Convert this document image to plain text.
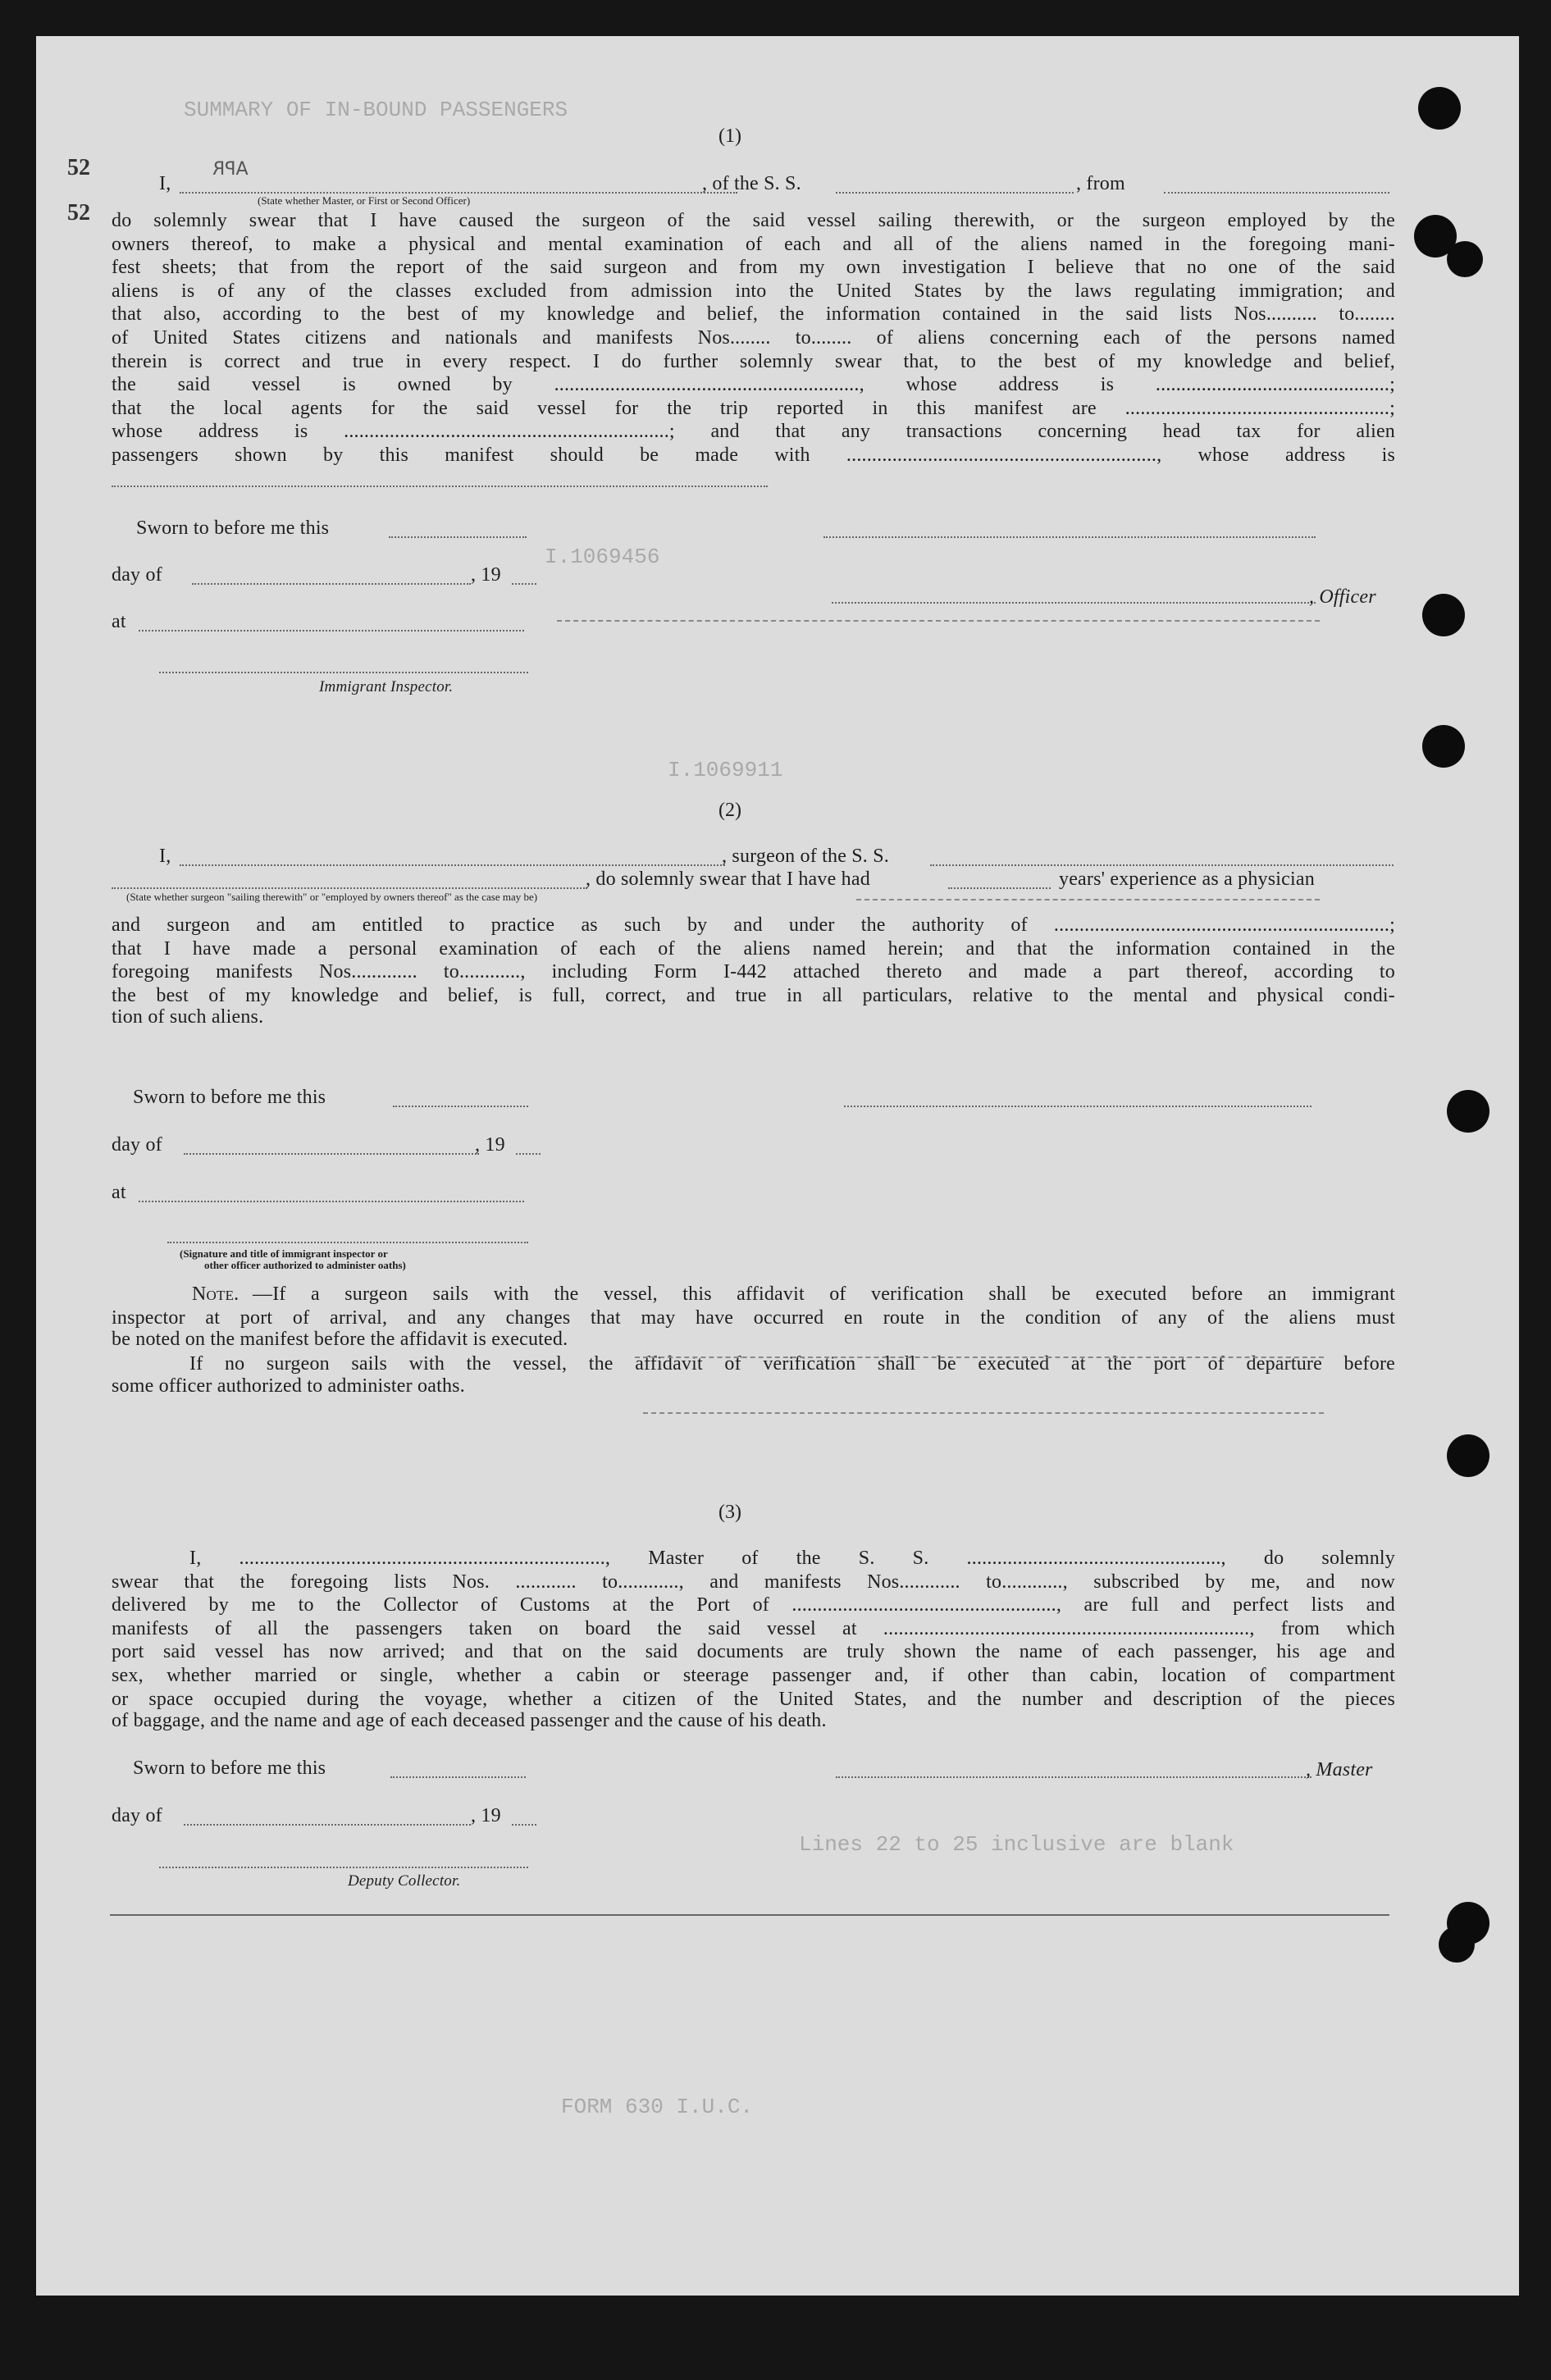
52
52
APR
SUMMARY OF IN-BOUND PASSENGERS
I.1069456
I.1069911
Lines 22 to 25 inclusive are blank
FORM 630 I.U.C.
(1)
I,	, of the S. S.	, from
(State whether Master, or First or Second Officer)
do solemnly swear that I have caused the surgeon of the said vessel sailing therewith, or the surgeon employed by the
owners thereof, to make a physical and mental examination of each and all of the aliens named in the foregoing mani-
fest sheets; that from the report of the said surgeon and from my own investigation I believe that no one of the said
aliens is of any of the classes excluded from admission into the United States by the laws regulating immigration; and
that also, according to the best of my knowledge and belief, the information contained in the said lists Nos.......... to........
of United States citizens and nationals and manifests Nos........ to........ of aliens concerning each of the persons named
therein is correct and true in every respect. I do further solemnly swear that, to the best of my knowledge and belief,
the said vessel is owned by ............................................................, whose address is ..............................................;
that the local agents for the said vessel for the trip reported in this manifest are ....................................................;
whose address is ................................................................; and that any transactions concerning head tax for alien
passengers shown by this manifest should be made with ............................................................., whose address is
Sworn to before me this
day of	, 19
, Officer
at
Immigrant Inspector.
(2)
I,	, surgeon of the S. S.
, do solemnly swear that I have had	years' experience as a physician
(State whether surgeon "sailing therewith" or "employed by owners thereof" as the case may be)
and surgeon and am entitled to practice as such by and under the authority of ..................................................................;
that I have made a personal examination of each of the aliens named herein; and that the information contained in the
foregoing manifests Nos............. to............, including Form I-442 attached thereto and made a part thereof, according to
the best of my knowledge and belief, is full, correct, and true in all particulars, relative to the mental and physical condi-
tion of such aliens.
Sworn to before me this
day of	, 19
at
(Signature and title of immigrant inspector or
other officer authorized to administer oaths)
Note. —If a surgeon sails with the vessel, this affidavit of verification shall be executed before an immigrant
inspector at port of arrival, and any changes that may have occurred en route in the condition of any of the aliens must
be noted on the manifest before the affidavit is executed.
If no surgeon sails with the vessel, the affidavit of verification shall be executed at the port of departure before
some officer authorized to administer oaths.
(3)
I, ........................................................................, Master of the S. S. .................................................., do solemnly
swear that the foregoing lists Nos. ............ to............, and manifests Nos............ to............, subscribed by me, and now
delivered by me to the Collector of Customs at the Port of ...................................................., are full and perfect lists and
manifests of all the passengers taken on board the said vessel at ........................................................................, from which
port said vessel has now arrived; and that on the said documents are truly shown the name of each passenger, his age and
sex, whether married or single, whether a cabin or steerage passenger and, if other than cabin, location of compartment
or space occupied during the voyage, whether a citizen of the United States, and the number and description of the pieces
of baggage, and the name and age of each deceased passenger and the cause of his death.
Sworn to before me this	, Master
day of	, 19
Deputy Collector.
